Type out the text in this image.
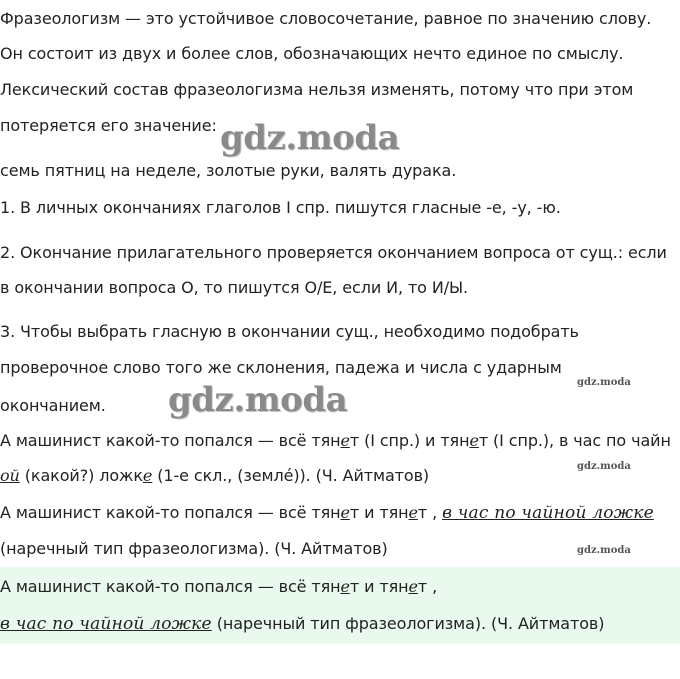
Фразеологизм — это устойчивое словосочетание, равное по значению слову.
Он состоит из двух и более слов, обозначающих нечто единое по смыслу.
Лексический состав фразеологизма нельзя изменять, потому что при этом
потеряется его значение: gdz.moda
семь пятниц на неделе, золотые руки, валять дурака.
1. В личных окончаниях глаголов I спр. пишутся гласные -е, -у, -ю.
2. Окончание прилагательного проверяется окончанием вопроса от сущ.: если
в окончании вопроса О, то пишутся О/Е, если И, то И/Ы.
3. Чтобы выбрать гласную в окончании сущ., необходимо подобрать
проверочное слово того же склонения, падежа и числа с ударным
gdz.moda
окончанием. gdz.moda
А машинист какой-то попался — всё тянет (I спр.) и тянет (I спр.), в час по чайн
ой (какой?) ложке (1-е скл., (землé)). (Ч. Айтматов)	gdz.moda
А машинист какой-то попался — всё тянет и тянет , в час по чайной ложке
(наречный тип фразеологизма). (Ч. Айтматов)	gdz.moda
А машинист какой-то попался — всё тянет и тянет ,
в час по чайной ложке (наречный тип фразеологизма). (Ч. Айтматов)
